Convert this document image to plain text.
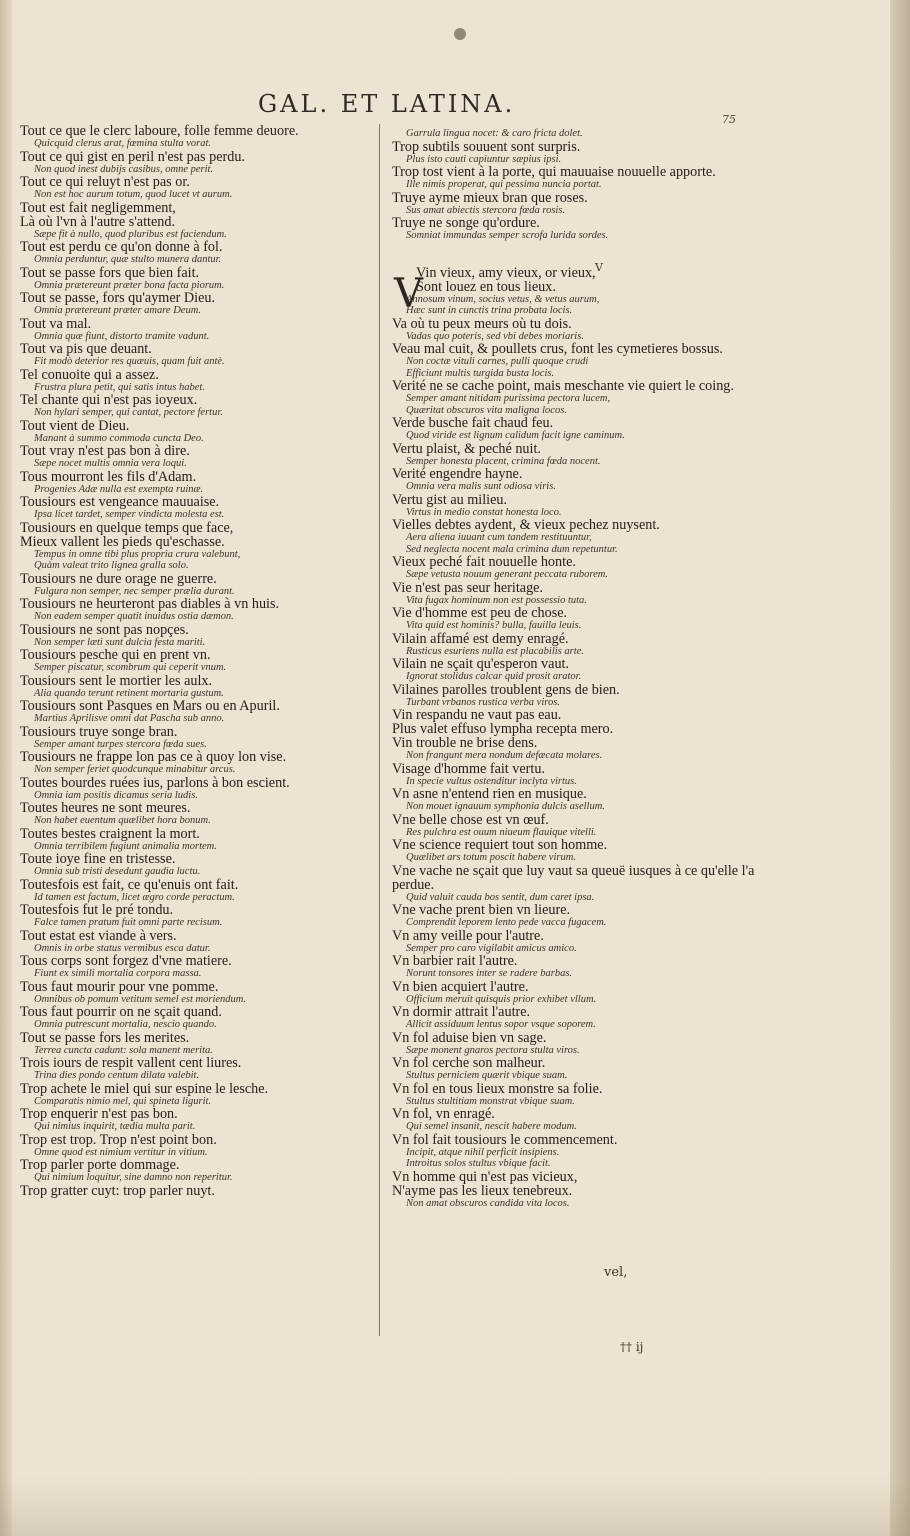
GAL. ET LATINA.
75
Tout ce que le clerc laboure, folle femme deuore.
Quicquid clerus arat, fœmina stulta vorat.
Tout ce qui gist en peril n'est pas perdu.
Non quod inest dubijs casibus, omne perit.
Tout ce qui reluyt n'est pas or.
Non est hoc aurum totum, quod lucet vt aurum.
Tout est fait negligemment,
Là où l'vn à l'autre s'attend.
Sæpe fit à nullo, quod pluribus est faciendum.
Tout est perdu ce qu'on donne à fol.
Omnia perduntur, quæ stulto munera dantur.
Tout se passe fors que bien fait.
Omnia prætereunt præter bona facta piorum.
Tout se passe, fors qu'aymer Dieu.
Omnia prætereunt præter amare Deum.
Tout va mal.
Omnia quæ fiunt, distorto tramite vadunt.
Tout va pis que deuant.
Fit modò deterior res quæuis, quam fuit antè.
Tel conuoite qui a assez.
Frustra plura petit, qui satis intus habet.
Tel chante qui n'est pas ioyeux.
Non hylari semper, qui cantat, pectore fertur.
Tout vient de Dieu.
Manant à summo commoda cuncta Deo.
Tout vray n'est pas bon à dire.
Sæpe nocet multis omnia vera loqui.
Tous mourront les fils d'Adam.
Progenies Adæ nulla est exempta ruinæ.
Tousiours est vengeance mauuaise.
Ipsa licet tardet, semper vindicta molesta est.
Tousiours en quelque temps que face,
Mieux vallent les pieds qu'eschasse.
Tempus in omne tibi plus propria crura valebunt,
Quàm valeat trito lignea gralla solo.
Tousiours ne dure orage ne guerre.
Fulgura non semper, nec semper prælia durant.
Tousiours ne heurteront pas diables à vn huis.
Non eadem semper quatit inuidus ostia dæmon.
Tousiours ne sont pas nopçes.
Non semper læti sunt dulcia festa mariti.
Tousiours pesche qui en prent vn.
Semper piscatur, scombrum qui ceperit vnum.
Tousiours sent le mortier les aulx.
Alia quando terunt retinent mortaria gustum.
Tousiours sont Pasques en Mars ou en Apuril.
Martius Aprilisve omni dat Pascha sub anno.
Tousiours truye songe bran.
Semper amant turpes stercora fœda sues.
Tousiours ne frappe lon pas ce à quoy lon vise.
Non semper feriet quodcunque minabitur arcus.
Toutes bourdes ruées ius, parlons à bon escient.
Omnia iam positis dicamus seria ludis.
Toutes heures ne sont meures.
Non habet euentum quælibet hora bonum.
Toutes bestes craignent la mort.
Omnia terribilem fugiunt animalia mortem.
Toute ioye fine en tristesse.
Omnia sub tristi desedunt gaudia luctu.
Toutesfois est fait, ce qu'enuis ont fait.
Id tamen est factum, licet ægro corde peractum.
Toutesfois fut le pré tondu.
Falce tamen pratum fuit omni parte recisum.
Tout estat est viande à vers.
Omnis in orbe status vermibus esca datur.
Tous corps sont forgez d'vne matiere.
Fiunt ex simili mortalia corpora massa.
Tous faut mourir pour vne pomme.
Omnibus ob pomum vetitum semel est moriendum.
Tous faut pourrir on ne sçait quand.
Omnia putrescunt mortalia, nescio quando.
Tout se passe fors les merites.
Terrea cuncta cadunt: sola manent merita.
Trois iours de respit vallent cent liures.
Trina dies pondo centum dilata valebit.
Trop achete le miel qui sur espine le lesche.
Comparatis nimio mel, qui spineta ligurit.
Trop enquerir n'est pas bon.
Qui nimius inquirit, tædia multa parit.
Trop est trop. Trop n'est point bon.
Omne quod est nimium vertitur in vitium.
Trop parler porte dommage.
Qui nimium loquitur, sine damno non reperitur.
Trop gratter cuyt: trop parler nuyt.
V
V
Garrula lingua nocet: & caro fricta dolet.
Trop subtils souuent sont surpris.
Plus isto cauti capiuntur sæpius ipsi.
Trop tost vient à la porte, qui mauuaise nouuelle apporte.
Ille nimis properat, qui pessima nuncia portat.
Truye ayme mieux bran que roses.
Sus amat abiectis stercora fœda rosis.
Truye ne songe qu'ordure.
Somniat immundas semper scrofa lurida sordes.
Vin vieux, amy vieux, or vieux,
Sont louez en tous lieux.
Annosum vinum, socius vetus, & vetus aurum,
Hæc sunt in cunctis trina probata locis.
Va où tu peux meurs où tu dois.
Vadas quo poteris, sed vbi debes moriaris.
Veau mal cuit, & poullets crus, font les cymetieres bossus.
Non coctæ vituli carnes, pulli quoque crudi
Efficiunt multis turgida busta locis.
Verité ne se cache point, mais meschante vie quiert le coing.
Semper amant nitidam purissima pectora lucem,
Quæritat obscuros vita maligna locos.
Verde busche fait chaud feu.
Quod viride est lignum calidum facit igne caminum.
Vertu plaist, & peché nuit.
Semper honesta placent, crimina fœda nocent.
Verité engendre hayne.
Omnia vera malis sunt odiosa viris.
Vertu gist au milieu.
Virtus in medio constat honesta loco.
Vielles debtes aydent, & vieux pechez nuysent.
Aera aliena iuuant cum tandem restituuntur,
Sed neglecta nocent mala crimina dum repetuntur.
Vieux peché fait nouuelle honte.
Sæpe vetusta nouum generant peccata ruborem.
Vie n'est pas seur heritage.
Vita fugax hominum non est possessio tuta.
Vie d'homme est peu de chose.
Vita quid est hominis? bulla, fauilla leuis.
Vilain affamé est demy enragé.
Rusticus esuriens nulla est placabilis arte.
Vilain ne sçait qu'esperon vaut.
Ignorat stolidus calcar quid prosit arator.
Vilaines parolles troublent gens de bien.
Turbant vrbanos rustica verba viros.
Vin respandu ne vaut pas eau.
Plus valet effuso lympha recepta mero.
Vin trouble ne brise dens.
Non frangunt mera nondum defæcata molares.
Visage d'homme fait vertu.
In specie vultus ostenditur inclyta virtus.
Vn asne n'entend rien en musique.
Non mouet ignauum symphonia dulcis asellum.
Vne belle chose est vn œuf.
Res pulchra est ouum niueum flauique vitelli.
Vne science requiert tout son homme.
Quælibet ars totum poscit habere virum.
Vne vache ne sçait que luy vaut sa queuë iusques à ce qu'elle l'a
perdue.
Quid valuit cauda bos sentit, dum caret ipsa.
Vne vache prent bien vn lieure.
Comprendit leporem lento pede vacca fugacem.
Vn amy veille pour l'autre.
Semper pro caro vigilabit amicus amico.
Vn barbier rait l'autre.
Norunt tonsores inter se radere barbas.
Vn bien acquiert l'autre.
Officium meruit quisquis prior exhibet vllum.
Vn dormir attrait l'autre.
Allicit assiduum lentus sopor vsque soporem.
Vn fol aduise bien vn sage.
Sæpe monent gnaros pectora stulta viros.
Vn fol cerche son malheur.
Stultus perniciem quærit vbique suam.
Vn fol en tous lieux monstre sa folie.
Stultus stultitiam monstrat vbique suam.
Vn fol, vn enragé.
Qui semel insanit, nescit habere modum.
Vn fol fait tousiours le commencement.
Incipit, atque nihil perficit insipiens.
Introitus solos stultus vbique facit.
Vn homme qui n'est pas vicieux,
N'ayme pas les lieux tenebreux.
Non amat obscuros candida vita locos.
vel,
†† ij
